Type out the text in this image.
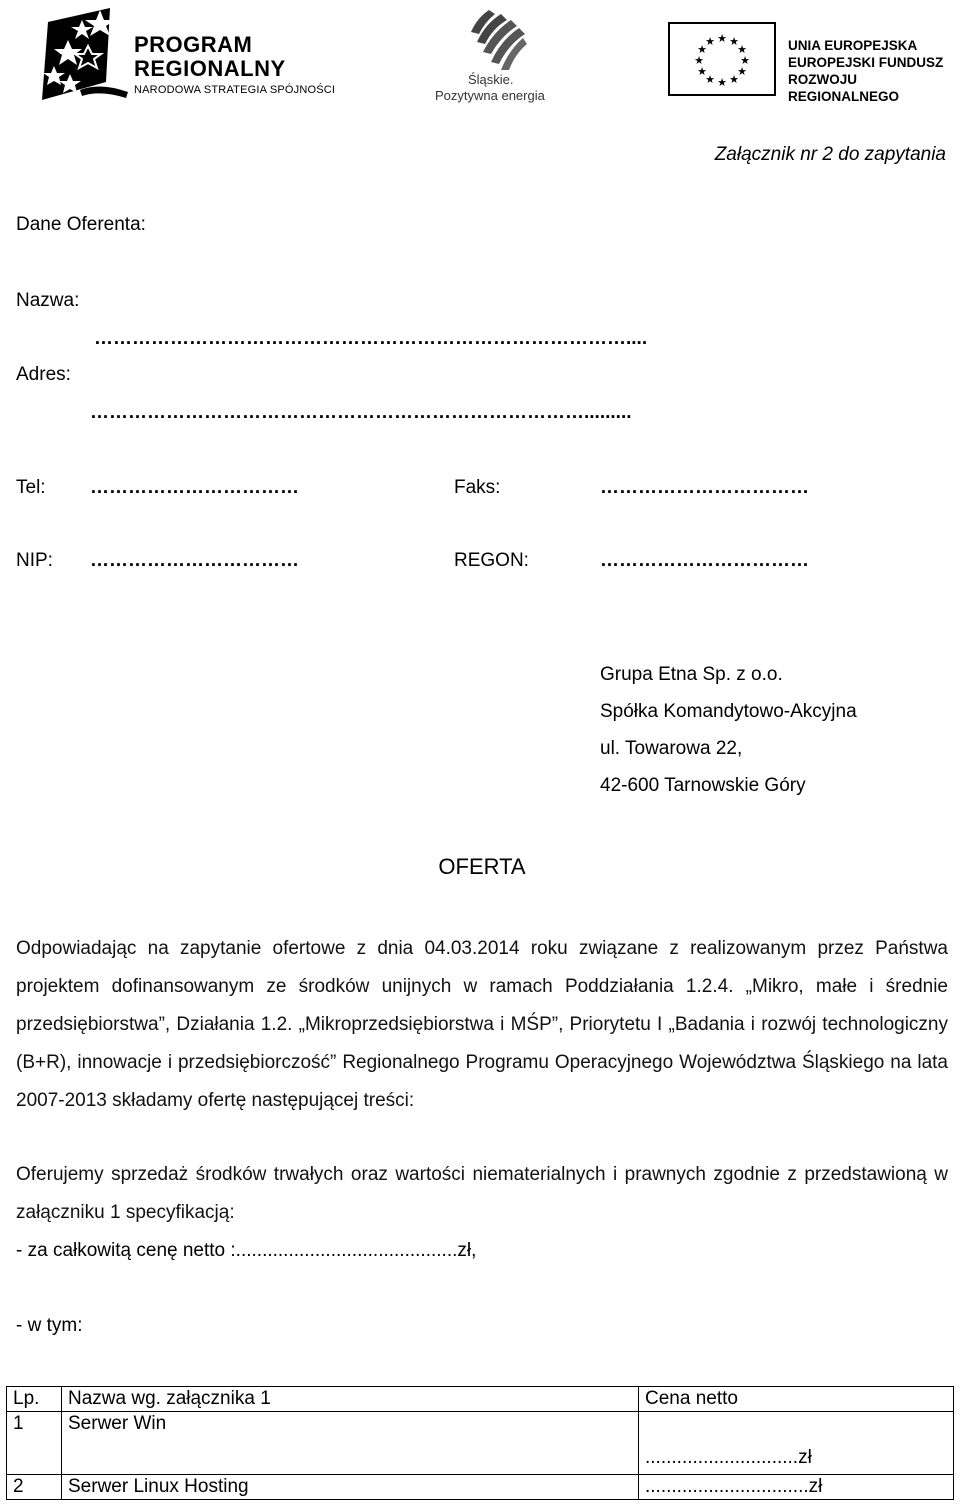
PROGRAM
REGIONALNY
NARODOWA STRATEGIA SPÓJNOŚCI
Śląskie.
Pozytywna energia
★ ★
★
★
★
★
★
★
★
★
★
★	UNIA EUROPEJSKA
EUROPEJSKI FUNDUSZ
ROZWOJU REGIONALNEGO
Załącznik nr 2 do zapytania
Dane Oferenta:
Nazwa:
…………………………………………………………………………....
Adres:
…………………………………………………………………….........
Tel: ……………………………	Faks:	……………………………
NIP: ……………………………	REGON:	……………………………
Grupa Etna Sp. z o.o.
Spółka Komandytowo-Akcyjna
ul. Towarowa 22,
42-600 Tarnowskie Góry
OFERTA
Odpowiadając na zapytanie ofertowe z dnia 04.03.2014 roku związane z realizowanym przez Państwa projektem dofinansowanym ze środków unijnych w ramach Poddziałania 1.2.4. „Mikro, małe i średnie przedsiębiorstwa”, Działania 1.2. „Mikroprzedsiębiorstwa i MŚP”, Priorytetu I „Badania i rozwój technologiczny (B+R), innowacje i przedsiębiorczość” Regionalnego Programu Operacyjnego Województwa Śląskiego na lata 2007-2013 składamy ofertę następującej treści:
Oferujemy sprzedaż środków trwałych oraz wartości niematerialnych i prawnych zgodnie z przedstawioną w załączniku 1 specyfikacją:
- za całkowitą cenę netto :..........................................zł,
- w tym:
Lp.	Nazwa wg. załącznika 1	Cena netto
1	Serwer Win	.............................zł
2	Serwer Linux Hosting	...............................zł
